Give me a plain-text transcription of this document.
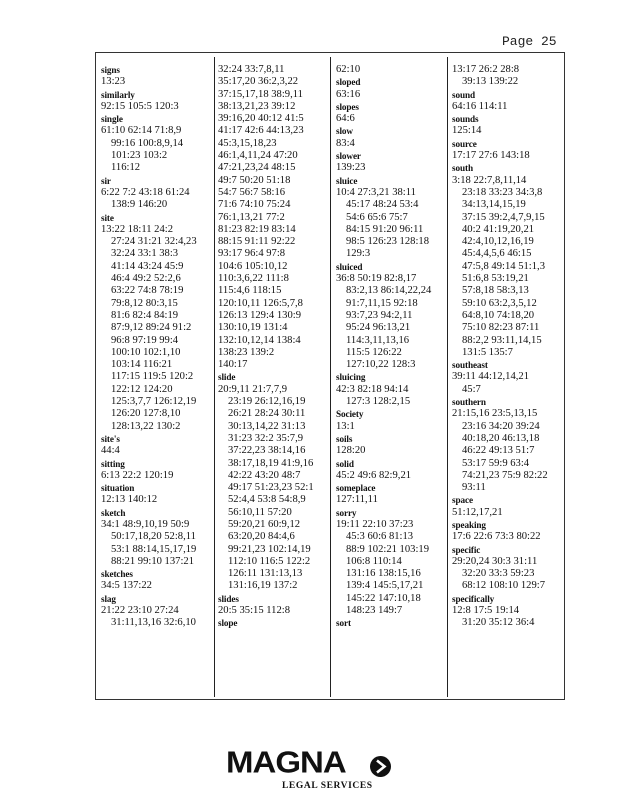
Page 25
signs
13:23
similarly
92:15 105:5 120:3
single
61:10 62:14 71:8,9
99:16 100:8,9,14
101:23 103:2
116:12
sir
6:22 7:2 43:18 61:24
138:9 146:20
site
13:22 18:11 24:2
27:24 31:21 32:4,23
32:24 33:1 38:3
41:14 43:24 45:9
46:4 49:2 52:2,6
63:22 74:8 78:19
79:8,12 80:3,15
81:6 82:4 84:19
87:9,12 89:24 91:2
96:8 97:19 99:4
100:10 102:1,10
103:14 116:21
117:15 119:5 120:2
122:12 124:20
125:3,7,7 126:12,19
126:20 127:8,10
128:13,22 130:2
site's
44:4
sitting
6:13 22:2 120:19
situation
12:13 140:12
sketch
34:1 48:9,10,19 50:9
50:17,18,20 52:8,11
53:1 88:14,15,17,19
88:21 99:10 137:21
sketches
34:5 137:22
slag
21:22 23:10 27:24
31:11,13,16 32:6,10
32:24 33:7,8,11
35:17,20 36:2,3,22
37:15,17,18 38:9,11
38:13,21,23 39:12
39:16,20 40:12 41:5
41:17 42:6 44:13,23
45:3,15,18,23
46:1,4,11,24 47:20
47:21,23,24 48:15
49:7 50:20 51:18
54:7 56:7 58:16
71:6 74:10 75:24
76:1,13,21 77:2
81:23 82:19 83:14
88:15 91:11 92:22
93:17 96:4 97:8
104:6 105:10,12
110:3,6,22 111:8
115:4,6 118:15
120:10,11 126:5,7,8
126:13 129:4 130:9
130:10,19 131:4
132:10,12,14 138:4
138:23 139:2
140:17
slide
20:9,11 21:7,7,9
23:19 26:12,16,19
26:21 28:24 30:11
30:13,14,22 31:13
31:23 32:2 35:7,9
37:22,23 38:14,16
38:17,18,19 41:9,16
42:22 43:20 48:7
49:17 51:23,23 52:1
52:4,4 53:8 54:8,9
56:10,11 57:20
59:20,21 60:9,12
63:20,20 84:4,6
99:21,23 102:14,19
112:10 116:5 122:2
126:11 131:13,13
131:16,19 137:2
slides
20:5 35:15 112:8
slope
62:10
sloped
63:16
slopes
64:6
slow
83:4
slower
139:23
sluice
10:4 27:3,21 38:11
45:17 48:24 53:4
54:6 65:6 75:7
84:15 91:20 96:11
98:5 126:23 128:18
129:3
sluiced
36:8 50:19 82:8,17
83:2,13 86:14,22,24
91:7,11,15 92:18
93:7,23 94:2,11
95:24 96:13,21
114:3,11,13,16
115:5 126:22
127:10,22 128:3
sluicing
42:3 82:18 94:14
127:3 128:2,15
Society
13:1
soils
128:20
solid
45:2 49:6 82:9,21
someplace
127:11,11
sorry
19:11 22:10 37:23
45:3 60:6 81:13
88:9 102:21 103:19
106:8 110:14
131:16 138:15,16
139:4 145:5,17,21
145:22 147:10,18
148:23 149:7
sort
13:17 26:2 28:8
39:13 139:22
sound
64:16 114:11
sounds
125:14
source
17:17 27:6 143:18
south
3:18 22:7,8,11,14
23:18 33:23 34:3,8
34:13,14,15,19
37:15 39:2,4,7,9,15
40:2 41:19,20,21
42:4,10,12,16,19
45:4,4,5,6 46:15
47:5,8 49:14 51:1,3
51:6,8 53:19,21
57:8,18 58:3,13
59:10 63:2,3,5,12
64:8,10 74:18,20
75:10 82:23 87:11
88:2,2 93:11,14,15
131:5 135:7
southeast
39:11 44:12,14,21
45:7
southern
21:15,16 23:5,13,15
23:16 34:20 39:24
40:18,20 46:13,18
46:22 49:13 51:7
53:17 59:9 63:4
74:21,23 75:9 82:22
93:11
space
51:12,17,21
speaking
17:6 22:6 73:3 80:22
specific
29:20,24 30:3 31:11
32:20 33:3 59:23
68:12 108:10 129:7
specifically
12:8 17:5 19:14
31:20 35:12 36:4
MAGNA
LEGAL SERVICES
